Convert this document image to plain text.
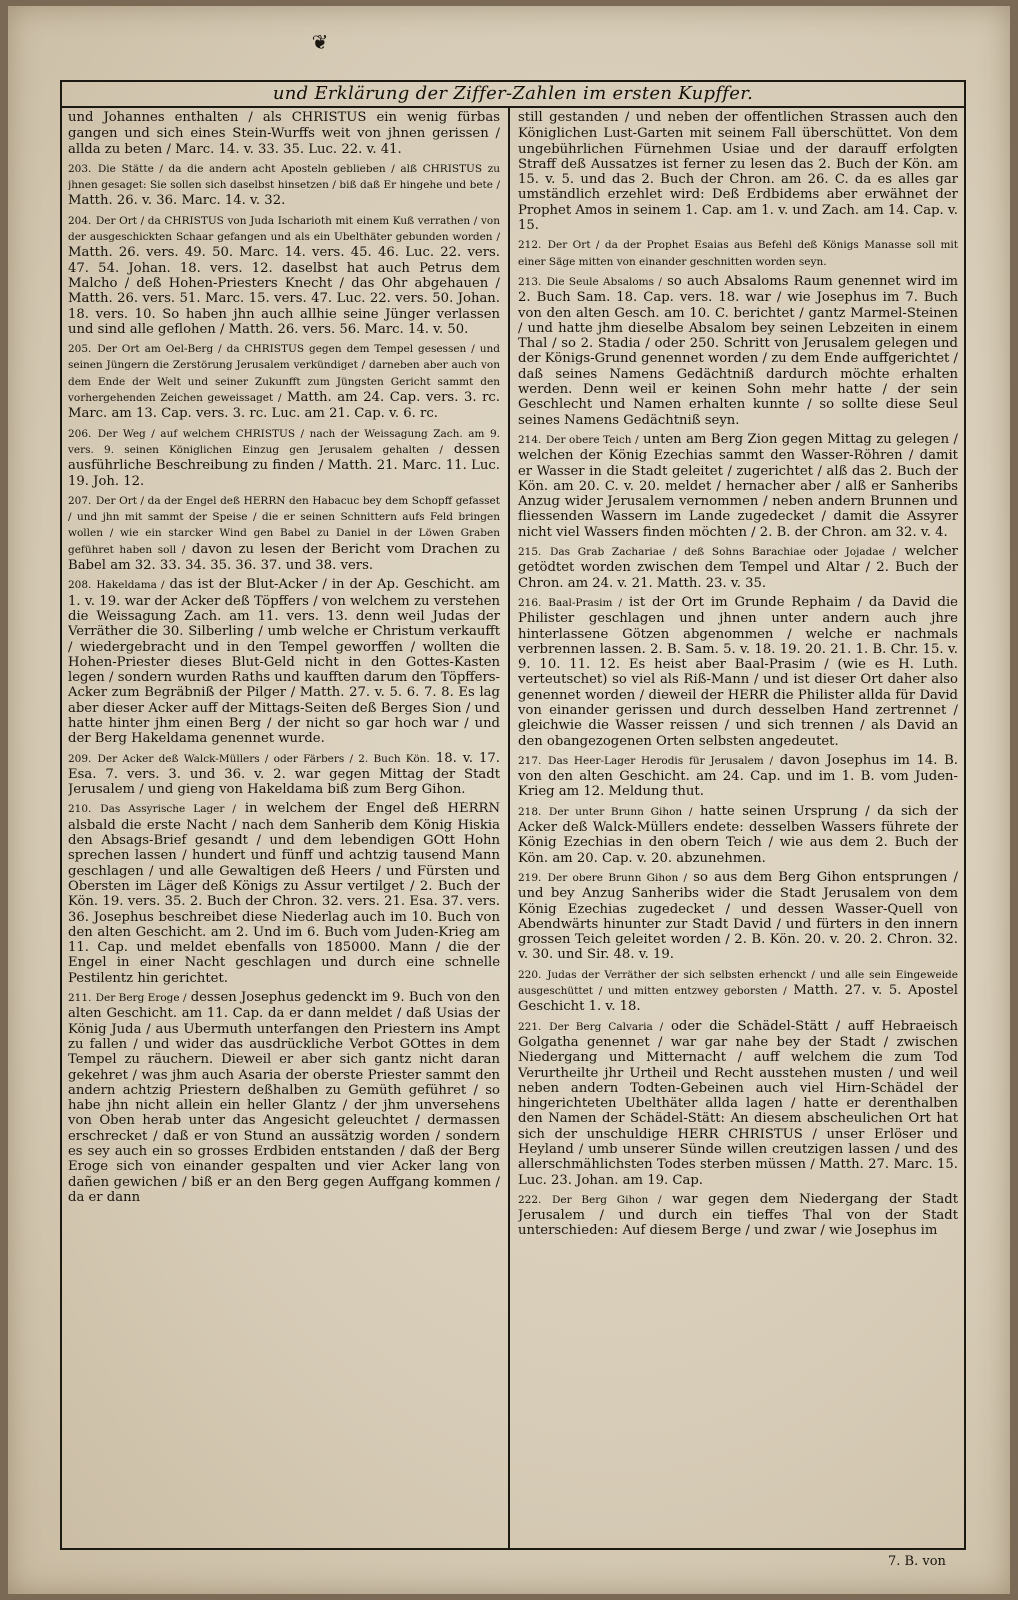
❦
und Erklärung der Ziffer-Zahlen im ersten Kupffer.

und Johannes enthalten / als CHRISTUS ein wenig fürbas gangen und sich eines Stein-Wurffs weit von jhnen gerissen / allda zu beten / Marc. 14. v. 33. 35. Luc. 22. v. 41.

203. Die Stätte / da die andern acht Aposteln geblieben / alß CHRISTUS zu jhnen gesaget: Sie sollen sich daselbst hinsetzen / biß daß Er hingehe und bete / Matth. 26. v. 36. Marc. 14. v. 32.

204. Der Ort / da CHRISTUS von Juda Ischarioth mit einem Kuß verrathen / von der ausgeschickten Schaar gefangen und als ein Ubelthäter gebunden worden / Matth. 26. vers. 49. 50. Marc. 14. vers. 45. 46. Luc. 22. vers. 47. 54. Johan. 18. vers. 12. daselbst hat auch Petrus dem Malcho / deß Hohen-Priesters Knecht / das Ohr abgehauen / Matth. 26. vers. 51. Marc. 15. vers. 47. Luc. 22. vers. 50. Johan. 18. vers. 10. So haben jhn auch allhie seine Jünger verlassen und sind alle geflohen / Matth. 26. vers. 56. Marc. 14. v. 50.

205. Der Ort am Oel-Berg / da CHRISTUS gegen dem Tempel gesessen / und seinen Jüngern die Zerstörung Jerusalem verkündiget / darneben aber auch von dem Ende der Welt und seiner Zukunfft zum Jüngsten Gericht sammt den vorhergehenden Zeichen geweissaget / Matth. am 24. Cap. vers. 3. rc. Marc. am 13. Cap. vers. 3. rc. Luc. am 21. Cap. v. 6. rc.

206. Der Weg / auf welchem CHRISTUS / nach der Weissagung Zach. am 9. vers. 9. seinen Königlichen Einzug gen Jerusalem gehalten / dessen ausführliche Beschreibung zu finden / Matth. 21. Marc. 11. Luc. 19. Joh. 12.

207. Der Ort / da der Engel deß HERRN den Habacuc bey dem Schopff gefasset / und jhn mit sammt der Speise / die er seinen Schnittern aufs Feld bringen wollen / wie ein starcker Wind gen Babel zu Daniel in der Löwen Graben geführet haben soll / davon zu lesen der Bericht vom Drachen zu Babel am 32. 33. 34. 35. 36. 37. und 38. vers.

208. Hakeldama / das ist der Blut-Acker / in der Ap. Geschicht. am 1. v. 19. war der Acker deß Töpffers / von welchem zu verstehen die Weissagung Zach. am 11. vers. 13. denn weil Judas der Verräther die 30. Silberling / umb welche er Christum verkaufft / wiedergebracht und in den Tempel geworffen / wollten die Hohen-Priester dieses Blut-Geld nicht in den Gottes-Kasten legen / sondern wurden Raths und kaufften darum den Töpffers-Acker zum Begräbniß der Pilger / Matth. 27. v. 5. 6. 7. 8. Es lag aber dieser Acker auff der Mittags-Seiten deß Berges Sion / und hatte hinter jhm einen Berg / der nicht so gar hoch war / und der Berg Hakeldama genennet wurde.

209. Der Acker deß Walck-Müllers / oder Färbers / 2. Buch Kön. 18. v. 17. Esa. 7. vers. 3. und 36. v. 2. war gegen Mittag der Stadt Jerusalem / und gieng von Hakeldama biß zum Berg Gihon.

210. Das Assyrische Lager / in welchem der Engel deß HERRN alsbald die erste Nacht / nach dem Sanherib dem König Hiskia den Absags-Brief gesandt / und dem lebendigen GOtt Hohn sprechen lassen / hundert und fünff und achtzig tausend Mann geschlagen / und alle Gewaltigen deß Heers / und Fürsten und Obersten im Läger deß Königs zu Assur vertilget / 2. Buch der Kön. 19. vers. 35. 2. Buch der Chron. 32. vers. 21. Esa. 37. vers. 36. Josephus beschreibet diese Niederlag auch im 10. Buch von den alten Geschicht. am 2. Und im 6. Buch vom Juden-Krieg am 11. Cap. und meldet ebenfalls von 185000. Mann / die der Engel in einer Nacht geschlagen und durch eine schnelle Pestilentz hin gerichtet.

211. Der Berg Eroge / dessen Josephus gedenckt im 9. Buch von den alten Geschicht. am 11. Cap. da er dann meldet / daß Usias der König Juda / aus Ubermuth unterfangen den Priestern ins Ampt zu fallen / und wider das ausdrückliche Verbot GOttes in dem Tempel zu räuchern. Dieweil er aber sich gantz nicht daran gekehret / was jhm auch Asaria der oberste Priester sammt den andern achtzig Priestern deßhalben zu Gemüth geführet / so habe jhn nicht allein ein heller Glantz / der jhm unversehens von Oben herab unter das Angesicht geleuchtet / dermassen erschrecket / daß er von Stund an aussätzig worden / sondern es sey auch ein so grosses Erdbiden entstanden / daß der Berg Eroge sich von einander gespalten und vier Acker lang von dañen gewichen / biß er an den Berg gegen Auffgang kommen / da er dann

still gestanden / und neben der offentlichen Strassen auch den Königlichen Lust-Garten mit seinem Fall überschüttet. Von dem ungebührlichen Fürnehmen Usiae und der darauff erfolgten Straff deß Aussatzes ist ferner zu lesen das 2. Buch der Kön. am 15. v. 5. und das 2. Buch der Chron. am 26. C. da es alles gar umständlich erzehlet wird: Deß Erdbidems aber erwähnet der Prophet Amos in seinem 1. Cap. am 1. v. und Zach. am 14. Cap. v. 15.

212. Der Ort / da der Prophet Esaias aus Befehl deß Königs Manasse soll mit einer Säge mitten von einander geschnitten worden seyn.

213. Die Seule Absaloms / so auch Absaloms Raum genennet wird im 2. Buch Sam. 18. Cap. vers. 18. war / wie Josephus im 7. Buch von den alten Gesch. am 10. C. berichtet / gantz Marmel-Steinen / und hatte jhm dieselbe Absalom bey seinen Lebzeiten in einem Thal / so 2. Stadia / oder 250. Schritt von Jerusalem gelegen und der Königs-Grund genennet worden / zu dem Ende auffgerichtet / daß seines Namens Gedächtniß dardurch möchte erhalten werden. Denn weil er keinen Sohn mehr hatte / der sein Geschlecht und Namen erhalten kunnte / so sollte diese Seul seines Namens Gedächtniß seyn.

214. Der obere Teich / unten am Berg Zion gegen Mittag zu gelegen / welchen der König Ezechias sammt den Wasser-Röhren / damit er Wasser in die Stadt geleitet / zugerichtet / alß das 2. Buch der Kön. am 20. C. v. 20. meldet / hernacher aber / alß er Sanheribs Anzug wider Jerusalem vernommen / neben andern Brunnen und fliessenden Wassern im Lande zugedecket / damit die Assyrer nicht viel Wassers finden möchten / 2. B. der Chron. am 32. v. 4.

215. Das Grab Zachariae / deß Sohns Barachiae oder Jojadae / welcher getödtet worden zwischen dem Tempel und Altar / 2. Buch der Chron. am 24. v. 21. Matth. 23. v. 35.

216. Baal-Prasim / ist der Ort im Grunde Rephaim / da David die Philister geschlagen und jhnen unter andern auch jhre hinterlassene Götzen abgenommen / welche er nachmals verbrennen lassen. 2. B. Sam. 5. v. 18. 19. 20. 21. 1. B. Chr. 15. v. 9. 10. 11. 12. Es heist aber Baal-Prasim / (wie es H. Luth. verteutschet) so viel als Riß-Mann / und ist dieser Ort daher also genennet worden / dieweil der HERR die Philister allda für David von einander gerissen und durch desselben Hand zertrennet / gleichwie die Wasser reissen / und sich trennen / als David an den obangezogenen Orten selbsten angedeutet.

217. Das Heer-Lager Herodis für Jerusalem / davon Josephus im 14. B. von den alten Geschicht. am 24. Cap. und im 1. B. vom Juden-Krieg am 12. Meldung thut.

218. Der unter Brunn Gihon / hatte seinen Ursprung / da sich der Acker deß Walck-Müllers endete: desselben Wassers führete der König Ezechias in den obern Teich / wie aus dem 2. Buch der Kön. am 20. Cap. v. 20. abzunehmen.

219. Der obere Brunn Gihon / so aus dem Berg Gihon entsprungen / und bey Anzug Sanheribs wider die Stadt Jerusalem von dem König Ezechias zugedecket / und dessen Wasser-Quell von Abendwärts hinunter zur Stadt David / und fürters in den innern grossen Teich geleitet worden / 2. B. Kön. 20. v. 20. 2. Chron. 32. v. 30. und Sir. 48. v. 19.

220. Judas der Verräther der sich selbsten erhenckt / und alle sein Eingeweide ausgeschüttet / und mitten entzwey geborsten / Matth. 27. v. 5. Apostel Geschicht 1. v. 18.

221. Der Berg Calvaria / oder die Schädel-Stätt / auff Hebraeisch Golgatha genennet / war gar nahe bey der Stadt / zwischen Niedergang und Mitternacht / auff welchem die zum Tod Verurtheilte jhr Urtheil und Recht ausstehen musten / und weil neben andern Todten-Gebeinen auch viel Hirn-Schädel der hingerichteten Ubelthäter allda lagen / hatte er derenthalben den Namen der Schädel-Stätt: An diesem abscheulichen Ort hat sich der unschuldige HERR CHRISTUS / unser Erlöser und Heyland / umb unserer Sünde willen creutzigen lassen / und des allerschmählichsten Todes sterben müssen / Matth. 27. Marc. 15. Luc. 23. Johan. am 19. Cap.

222. Der Berg Gihon / war gegen dem Niedergang der Stadt Jerusalem / und durch ein tieffes Thal von der Stadt unterschieden: Auf diesem Berge / und zwar / wie Josephus im

7. B. von
